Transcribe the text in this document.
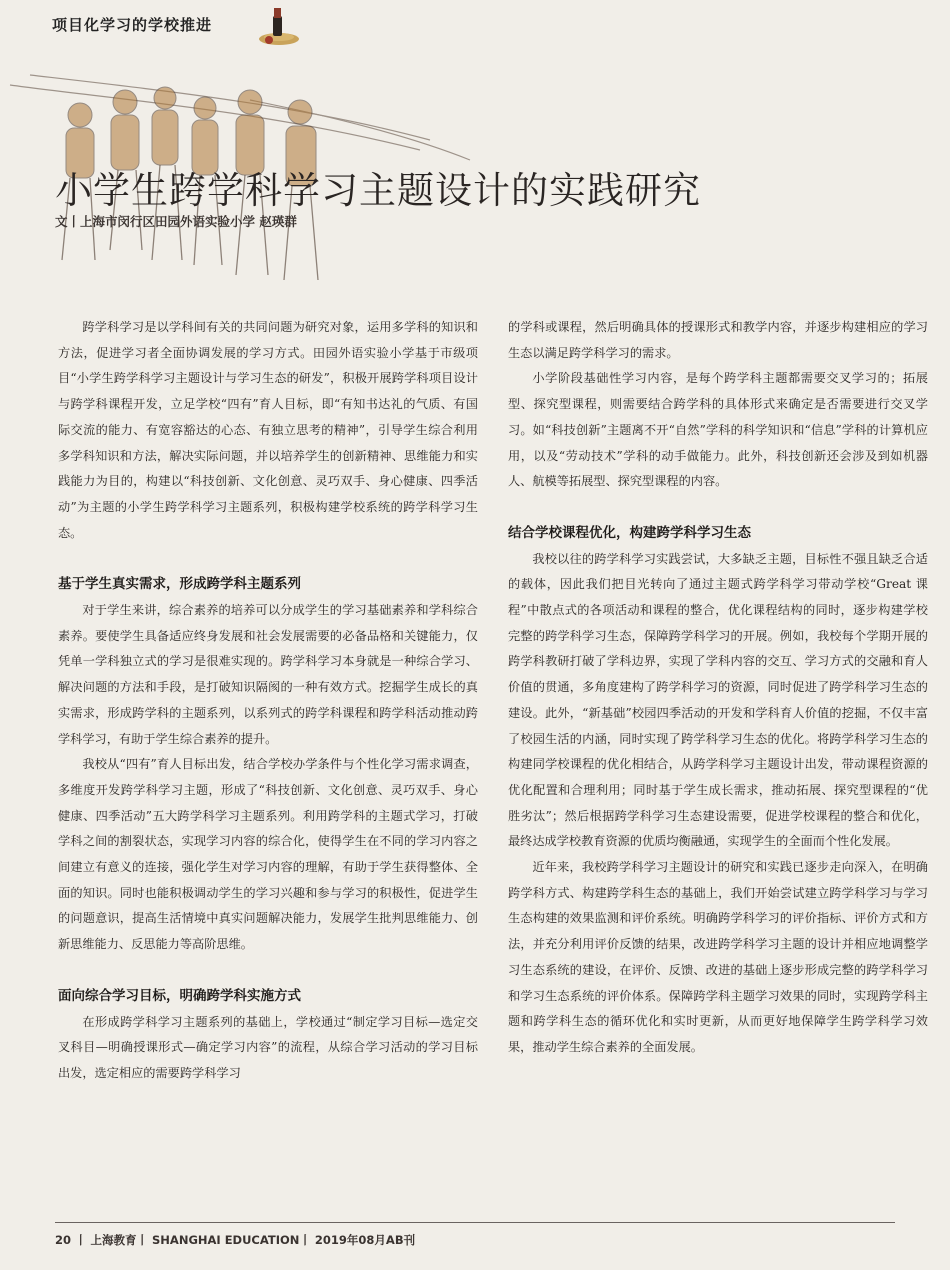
项目化学习的学校推进
小学生跨学科学习主题设计的实践研究
文丨上海市闵行区田园外语实验小学 赵瑛群

跨学科学习是以学科间有关的共同问题为研究对象，运用多学科的知识和方法，促进学习者全面协调发展的学习方式。田园外语实验小学基于市级项目“小学生跨学科学习主题设计与学习生态的研发”，积极开展跨学科项目设计与跨学科课程开发，立足学校“四有”育人目标，即“有知书达礼的气质、有国际交流的能力、有宽容豁达的心态、有独立思考的精神”，引导学生综合利用多学科知识和方法，解决实际问题，并以培养学生的创新精神、思维能力和实践能力为目的，构建以“科技创新、文化创意、灵巧双手、身心健康、四季活动”为主题的小学生跨学科学习主题系列，积极构建学校系统的跨学科学习生态。

基于学生真实需求，形成跨学科主题系列

对于学生来讲，综合素养的培养可以分成学生的学习基础素养和学科综合素养。要使学生具备适应终身发展和社会发展需要的必备品格和关键能力，仅凭单一学科独立式的学习是很难实现的。跨学科学习本身就是一种综合学习、解决问题的方法和手段，是打破知识隔阂的一种有效方式。挖掘学生成长的真实需求，形成跨学科的主题系列，以系列式的跨学科课程和跨学科活动推动跨学科学习，有助于学生综合素养的提升。

我校从“四有”育人目标出发，结合学校办学条件与个性化学习需求调查，多维度开发跨学科学习主题，形成了“科技创新、文化创意、灵巧双手、身心健康、四季活动”五大跨学科学习主题系列。利用跨学科的主题式学习，打破学科之间的割裂状态，实现学习内容的综合化，使得学生在不同的学习内容之间建立有意义的连接，强化学生对学习内容的理解，有助于学生获得整体、全面的知识。同时也能积极调动学生的学习兴趣和参与学习的积极性，促进学生的问题意识，提高生活情境中真实问题解决能力，发展学生批判思维能力、创新思维能力、反思能力等高阶思维。

面向综合学习目标，明确跨学科实施方式

在形成跨学科学习主题系列的基础上，学校通过“制定学习目标—选定交叉科目—明确授课形式—确定学习内容”的流程，从综合学习活动的学习目标出发，选定相应的需要跨学科学习

的学科或课程，然后明确具体的授课形式和教学内容，并逐步构建相应的学习生态以满足跨学科学习的需求。

小学阶段基础性学习内容，是每个跨学科主题都需要交叉学习的；拓展型、探究型课程，则需要结合跨学科的具体形式来确定是否需要进行交叉学习。如“科技创新”主题离不开“自然”学科的科学知识和“信息”学科的计算机应用，以及“劳动技术”学科的动手做能力。此外，科技创新还会涉及到如机器人、航模等拓展型、探究型课程的内容。

结合学校课程优化，构建跨学科学习生态

我校以往的跨学科学习实践尝试，大多缺乏主题，目标性不强且缺乏合适的载体，因此我们把目光转向了通过主题式跨学科学习带动学校“Great 课程”中散点式的各项活动和课程的整合，优化课程结构的同时，逐步构建学校完整的跨学科学习生态，保障跨学科学习的开展。例如，我校每个学期开展的跨学科教研打破了学科边界，实现了学科内容的交互、学习方式的交融和育人价值的贯通，多角度建构了跨学科学习的资源，同时促进了跨学科学习生态的建设。此外，“新基础”校园四季活动的开发和学科育人价值的挖掘，不仅丰富了校园生活的内涵，同时实现了跨学科学习生态的优化。将跨学科学习生态的构建同学校课程的优化相结合，从跨学科学习主题设计出发，带动课程资源的优化配置和合理利用；同时基于学生成长需求，推动拓展、探究型课程的“优胜劣汰”；然后根据跨学科学习生态建设需要，促进学校课程的整合和优化，最终达成学校教育资源的优质均衡融通，实现学生的全面而个性化发展。

近年来，我校跨学科学习主题设计的研究和实践已逐步走向深入，在明确跨学科方式、构建跨学科生态的基础上，我们开始尝试建立跨学科学习与学习生态构建的效果监测和评价系统。明确跨学科学习的评价指标、评价方式和方法，并充分利用评价反馈的结果，改进跨学科学习主题的设计并相应地调整学习生态系统的建设，在评价、反馈、改进的基础上逐步形成完整的跨学科学习和学习生态系统的评价体系。保障跨学科主题学习效果的同时，实现跨学科主题和跨学科生态的循环优化和实时更新，从而更好地保障学生跨学科学习效果，推动学生综合素养的全面发展。

20 丨 上海教育丨 SHANGHAI EDUCATION丨 2019年08月AB刊
